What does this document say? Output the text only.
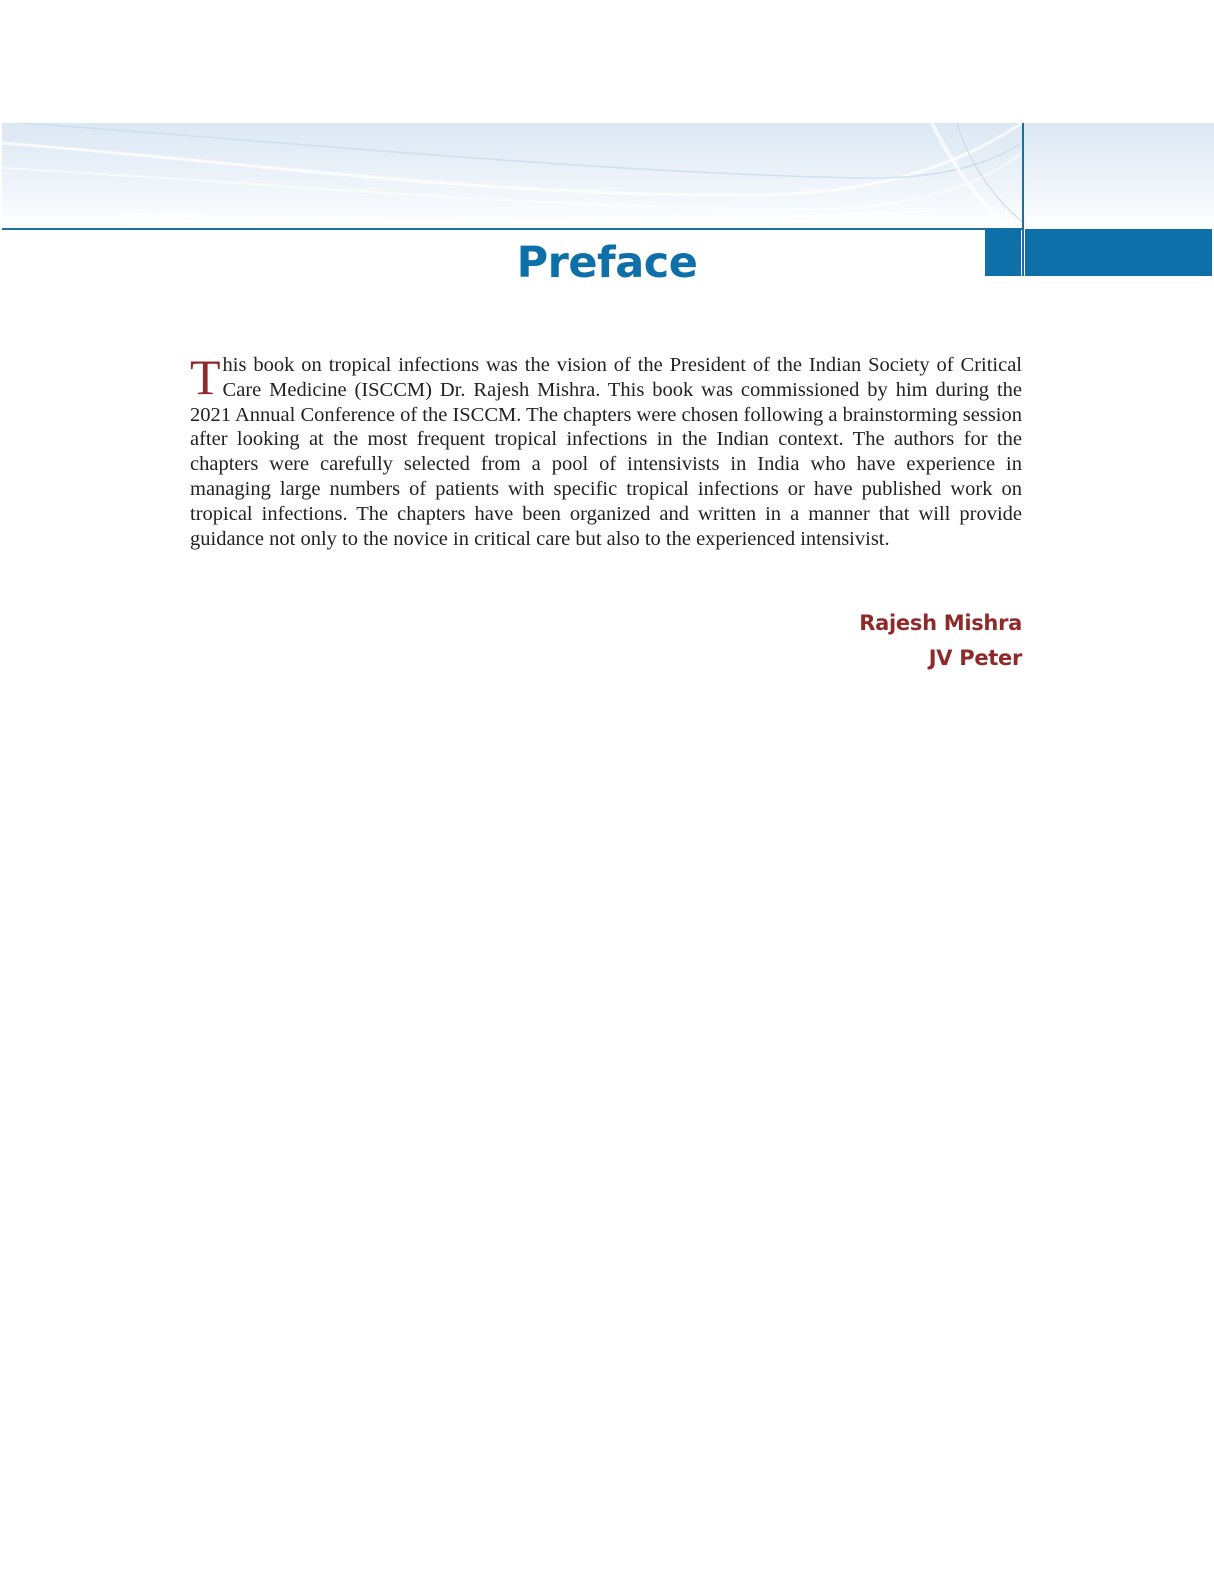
Preface

This book on tropical infections was the vision of the President of the Indian Society of Critical Care Medicine (ISCCM) Dr. Rajesh Mishra. This book was commissioned by him during the 2021 Annual Conference of the ISCCM. The chapters were chosen following a brainstorming session after looking at the most frequent tropical infections in the Indian context. The authors for the chapters were carefully selected from a pool of intensivists in India who have experience in managing large numbers of patients with specific tropical infections or have published work on tropical infections. The chapters have been organized and written in a manner that will provide guidance not only to the novice in critical care but also to the experienced intensivist.

Rajesh Mishra

JV Peter
